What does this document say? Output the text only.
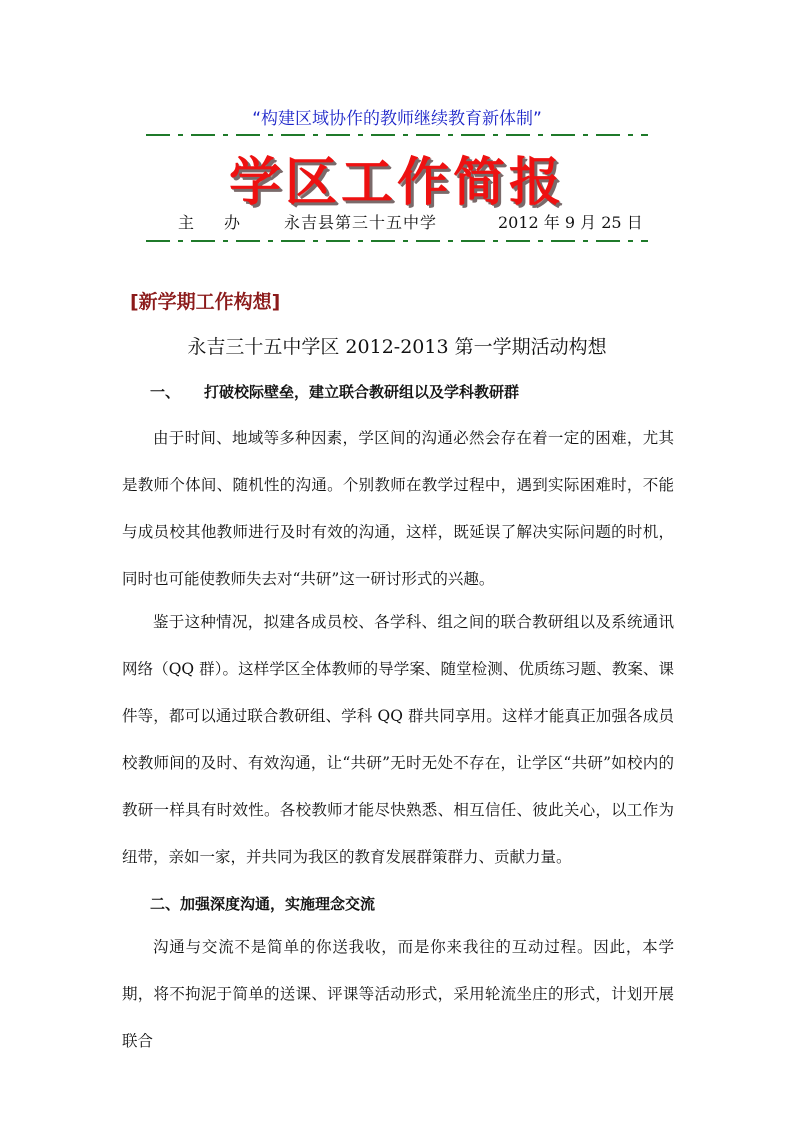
“构建区域协作的教师继续教育新体制”
学区工作简报
主办 永吉县第三十五中学	2012 年 9 月 25 日
[新学期工作构想]
永吉三十五中学区 2012-2013 第一学期活动构想
一、 打破校际壁垒，建立联合教研组以及学科教研群

由于时间、地域等多种因素，学区间的沟通必然会存在着一定的困难，尤其是教师个体间、随机性的沟通。个别教师在教学过程中，遇到实际困难时，不能与成员校其他教师进行及时有效的沟通，这样，既延误了解决实际问题的时机，同时也可能使教师失去对“共研”这一研讨形式的兴趣。

鉴于这种情况，拟建各成员校、各学科、组之间的联合教研组以及系统通讯网络（QQ 群）。这样学区全体教师的导学案、随堂检测、优质练习题、教案、课件等，都可以通过联合教研组、学科 QQ 群共同享用。这样才能真正加强各成员校教师间的及时、有效沟通，让“共研”无时无处不存在，让学区“共研”如校内的教研一样具有时效性。各校教师才能尽快熟悉、相互信任、彼此关心，以工作为纽带，亲如一家，并共同为我区的教育发展群策群力、贡献力量。

二、加强深度沟通，实施理念交流

沟通与交流不是简单的你送我收，而是你来我往的互动过程。因此，本学期，将不拘泥于简单的送课、评课等活动形式，采用轮流坐庄的形式，计划开展联合
